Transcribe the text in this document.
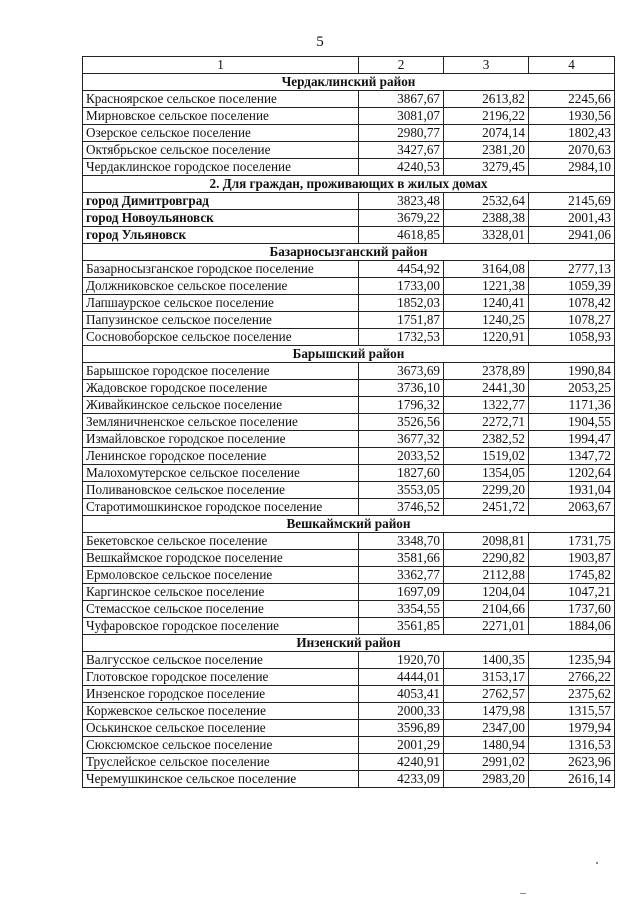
5
1	2	3	4
Чердаклинский район			
Красноярское сельское поселение	3867,67	2613,82	2245,66
Мирновское сельское поселение	3081,07	2196,22	1930,56
Озерское сельское поселение	2980,77	2074,14	1802,43
Октябрьское сельское поселение	3427,67	2381,20	2070,63
Чердаклинское городское поселение	4240,53	3279,45	2984,10
2. Для граждан, проживающих в жилых домах			
город Димитровград	3823,48	2532,64	2145,69
город Новоульяновск	3679,22	2388,38	2001,43
город Ульяновск	4618,85	3328,01	2941,06
Базарносызганский район			
Базарносызганское городское поселение	4454,92	3164,08	2777,13
Должниковское сельское поселение	1733,00	1221,38	1059,39
Лапшаурское сельское поселение	1852,03	1240,41	1078,42
Папузинское сельское поселение	1751,87	1240,25	1078,27
Сосновоборское сельское поселение	1732,53	1220,91	1058,93
Барышский район			
Барышское городское поселение	3673,69	2378,89	1990,84
Жадовское городское поселение	3736,10	2441,30	2053,25
Живайкинское сельское поселение	1796,32	1322,77	1171,36
Земляничненское сельское поселение	3526,56	2272,71	1904,55
Измайловское городское поселение	3677,32	2382,52	1994,47
Ленинское городское поселение	2033,52	1519,02	1347,72
Малохомутерское сельское поселение	1827,60	1354,05	1202,64
Поливановское сельское поселение	3553,05	2299,20	1931,04
Старотимошкинское городское поселение	3746,52	2451,72	2063,67
Вешкаймский район			
Бекетовское сельское поселение	3348,70	2098,81	1731,75
Вешкаймское городское поселение	3581,66	2290,82	1903,87
Ермоловское сельское поселение	3362,77	2112,88	1745,82
Каргинское сельское поселение	1697,09	1204,04	1047,21
Стемасское сельское поселение	3354,55	2104,66	1737,60
Чуфаровское городское поселение	3561,85	2271,01	1884,06
Инзенский район			
Валгусское сельское поселение	1920,70	1400,35	1235,94
Глотовское городское поселение	4444,01	3153,17	2766,22
Инзенское городское поселение	4053,41	2762,57	2375,62
Коржевское сельское поселение	2000,33	1479,98	1315,57
Оськинское сельское поселение	3596,89	2347,00	1979,94
Сюксюмское сельское поселение	2001,29	1480,94	1316,53
Труслейское сельское поселение	4240,91	2991,02	2623,96
Черемушкинское сельское поселение	4233,09	2983,20	2616,14
